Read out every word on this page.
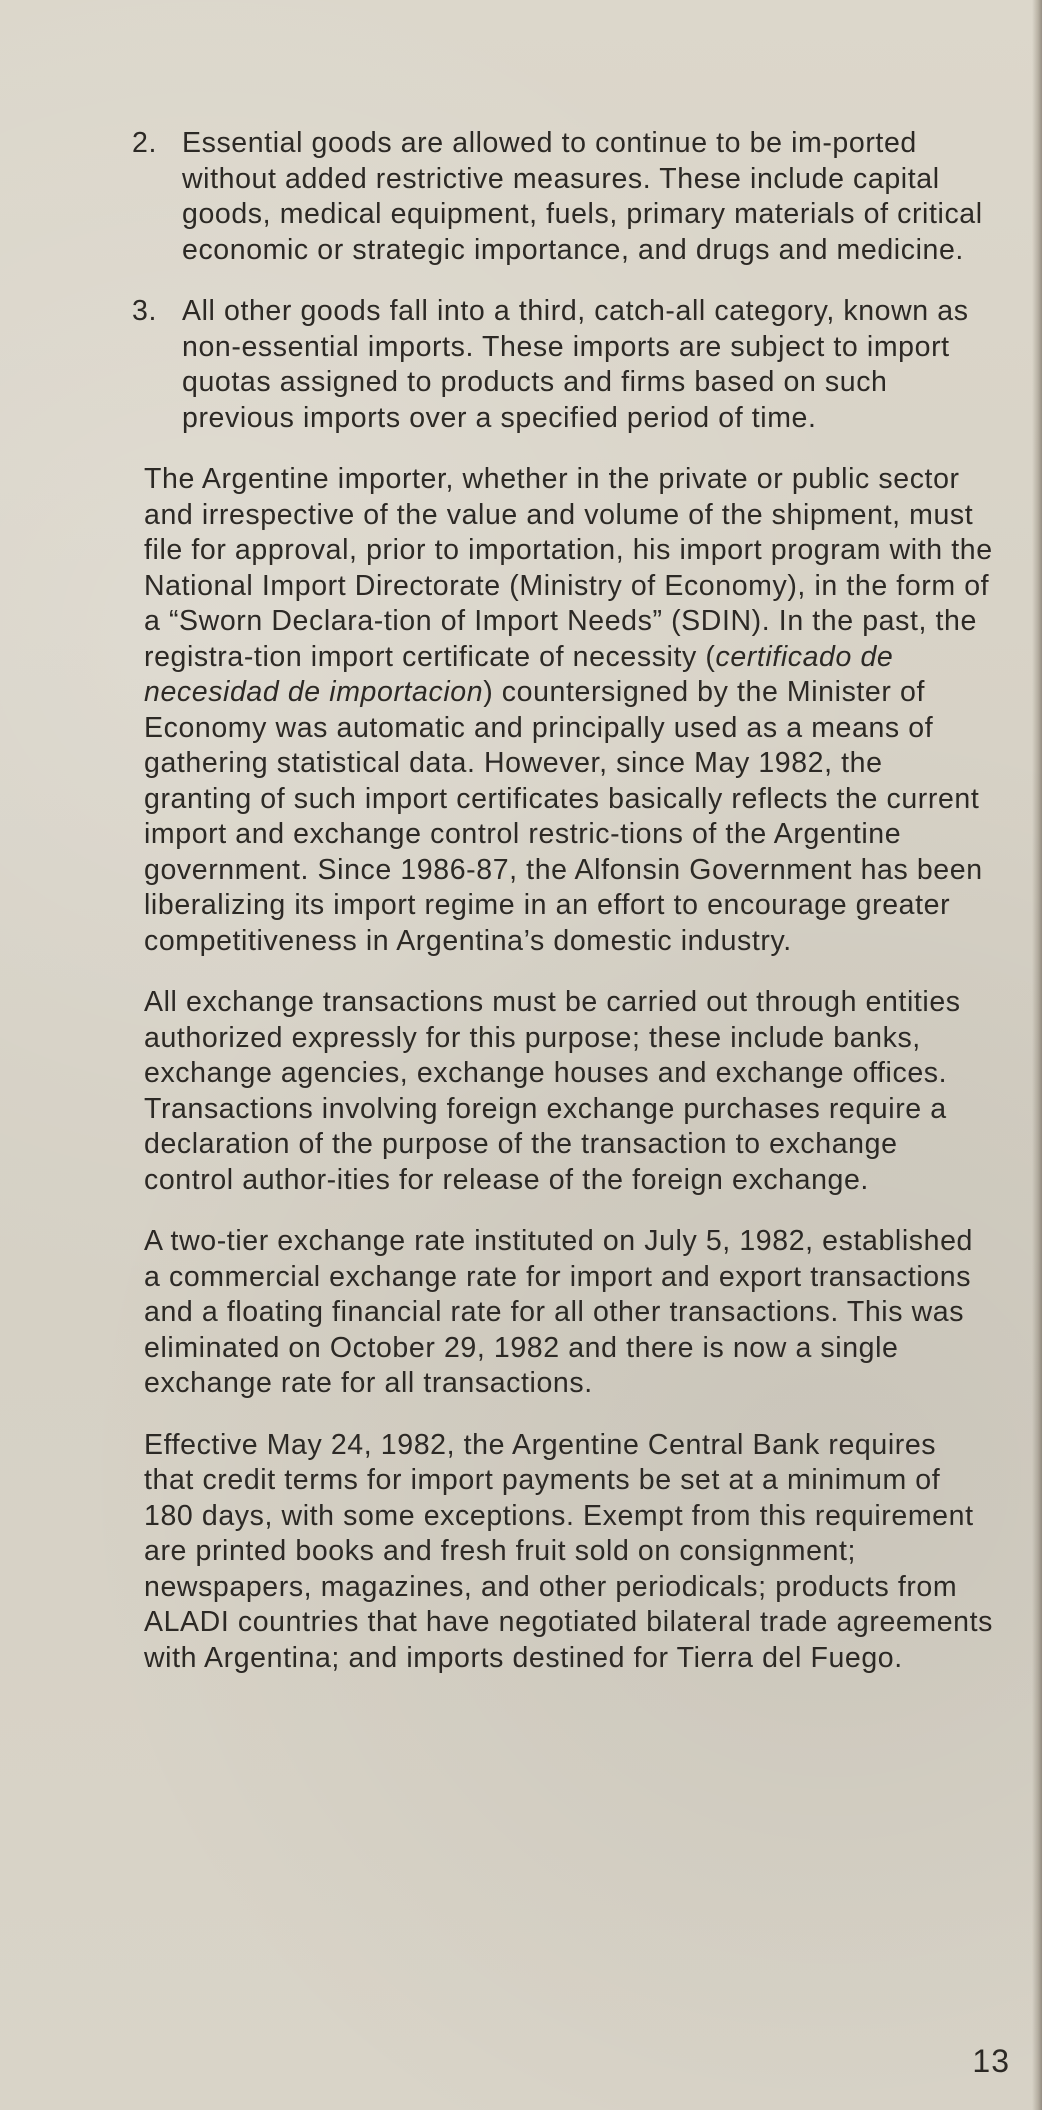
2. Essential goods are allowed to continue to be im-ported without added restrictive measures. These include capital goods, medical equipment, fuels, primary materials of critical economic or strategic importance, and drugs and medicine.
3. All other goods fall into a third, catch-all category, known as non-essential imports. These imports are subject to import quotas assigned to products and firms based on such previous imports over a specified period of time.

The Argentine importer, whether in the private or public sector and irrespective of the value and volume of the shipment, must file for approval, prior to importation, his import program with the National Import Directorate (Ministry of Economy), in the form of a “Sworn Declara-tion of Import Needs” (SDIN). In the past, the registra-tion import certificate of necessity (certificado de necesidad de importacion) countersigned by the Minister of Economy was automatic and principally used as a means of gathering statistical data. However, since May 1982, the granting of such import certificates basically reflects the current import and exchange control restric-tions of the Argentine government. Since 1986-87, the Alfonsin Government has been liberalizing its import regime in an effort to encourage greater competitiveness in Argentina’s domestic industry.

All exchange transactions must be carried out through entities authorized expressly for this purpose; these include banks, exchange agencies, exchange houses and exchange offices. Transactions involving foreign exchange purchases require a declaration of the purpose of the transaction to exchange control author-ities for release of the foreign exchange.

A two-tier exchange rate instituted on July 5, 1982, established a commercial exchange rate for import and export transactions and a floating financial rate for all other transactions. This was eliminated on October 29, 1982 and there is now a single exchange rate for all transactions.

Effective May 24, 1982, the Argentine Central Bank requires that credit terms for import payments be set at a minimum of 180 days, with some exceptions. Exempt from this requirement are printed books and fresh fruit sold on consignment; newspapers, magazines, and other periodicals; products from ALADI countries that have negotiated bilateral trade agreements with Argentina; and imports destined for Tierra del Fuego.

13
